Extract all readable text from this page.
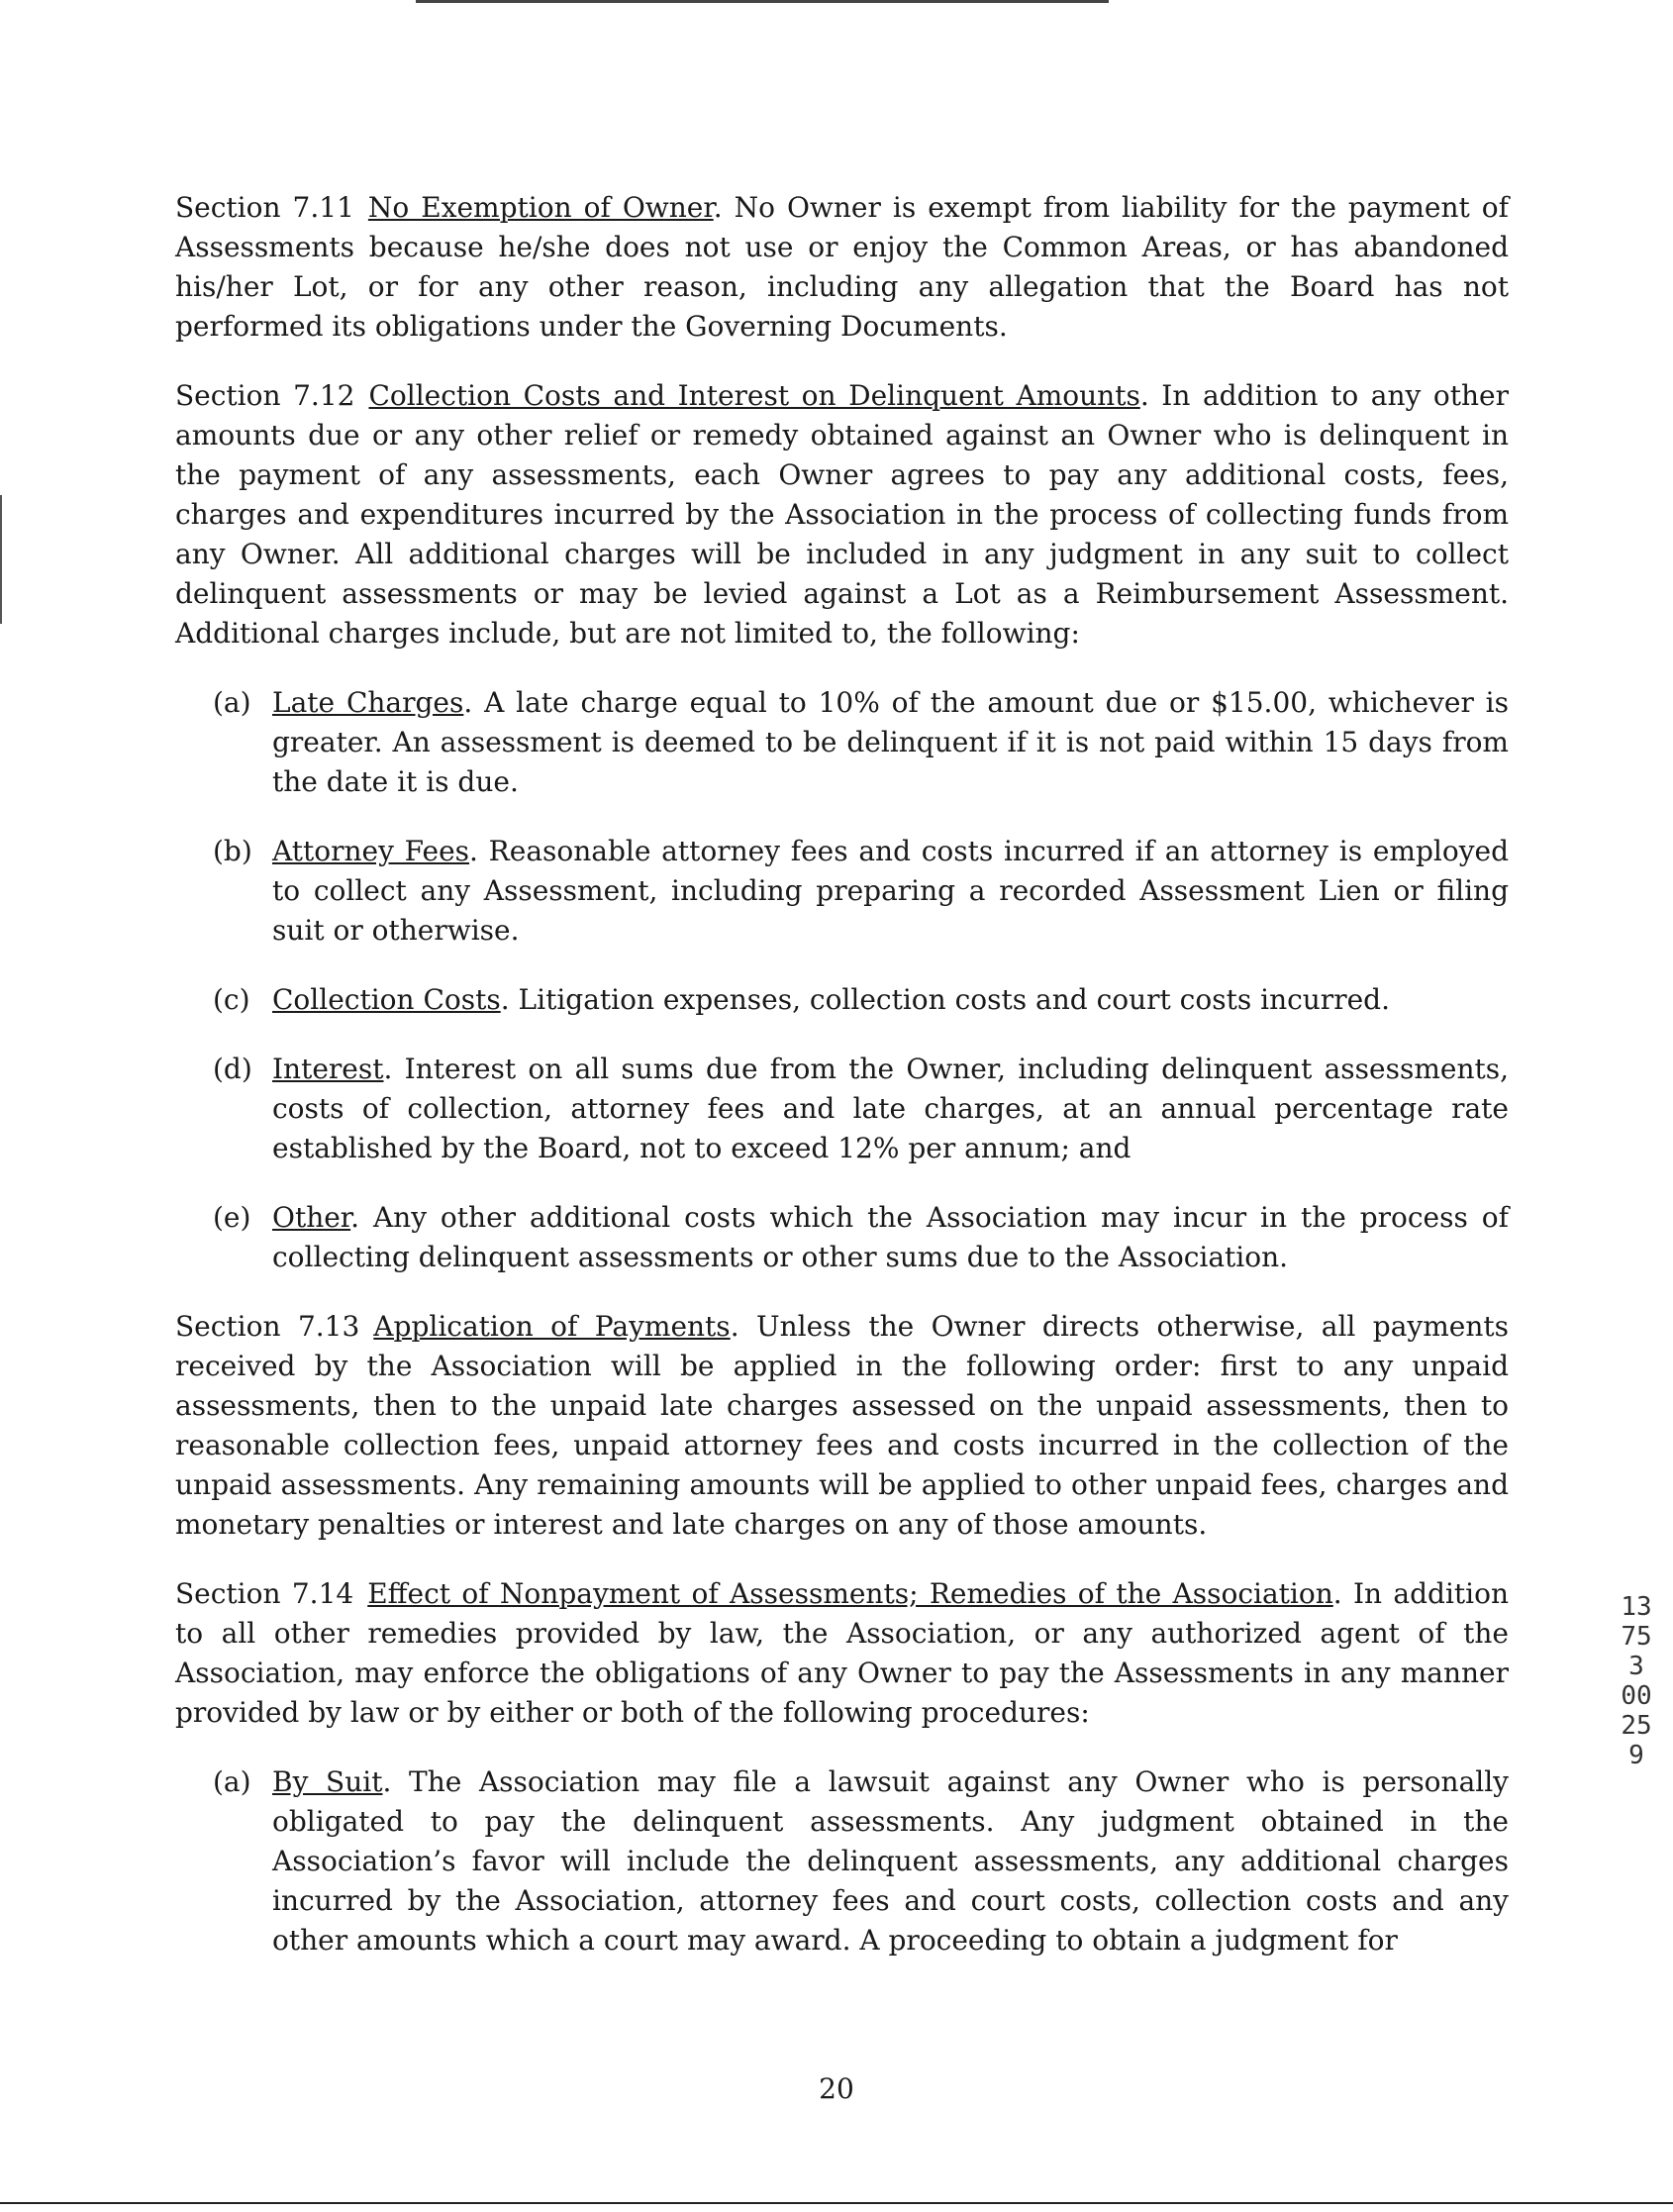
Section 7.11 No Exemption of Owner. No Owner is exempt from liability for the payment of Assessments because he/she does not use or enjoy the Common Areas, or has abandoned his/her Lot, or for any other reason, including any allegation that the Board has not performed its obligations under the Governing Documents.

Section 7.12 Collection Costs and Interest on Delinquent Amounts. In addition to any other amounts due or any other relief or remedy obtained against an Owner who is delinquent in the payment of any assessments, each Owner agrees to pay any additional costs, fees, charges and expenditures incurred by the Association in the process of collecting funds from any Owner. All additional charges will be included in any judgment in any suit to collect delinquent assessments or may be levied against a Lot as a Reimbursement Assessment. Additional charges include, but are not limited to, the following:

(a) Late Charges. A late charge equal to 10% of the amount due or $15.00, whichever is greater. An assessment is deemed to be delinquent if it is not paid within 15 days from the date it is due.
(b) Attorney Fees. Reasonable attorney fees and costs incurred if an attorney is employed to collect any Assessment, including preparing a recorded Assessment Lien or filing suit or otherwise.
(c) Collection Costs. Litigation expenses, collection costs and court costs incurred.
(d) Interest. Interest on all sums due from the Owner, including delinquent assessments, costs of collection, attorney fees and late charges, at an annual percentage rate established by the Board, not to exceed 12% per annum; and
(e) Other. Any other additional costs which the Association may incur in the process of collecting delinquent assessments or other sums due to the Association.

Section 7.13 Application of Payments. Unless the Owner directs otherwise, all payments received by the Association will be applied in the following order: first to any unpaid assessments, then to the unpaid late charges assessed on the unpaid assessments, then to reasonable collection fees, unpaid attorney fees and costs incurred in the collection of the unpaid assessments. Any remaining amounts will be applied to other unpaid fees, charges and monetary penalties or interest and late charges on any of those amounts.

Section 7.14 Effect of Nonpayment of Assessments; Remedies of the Association. In addition to all other remedies provided by law, the Association, or any authorized agent of the Association, may enforce the obligations of any Owner to pay the Assessments in any manner provided by law or by either or both of the following procedures:

(a) By Suit. The Association may file a lawsuit against any Owner who is personally obligated to pay the delinquent assessments. Any judgment obtained in the Association’s favor will include the delinquent assessments, any additional charges incurred by the Association, attorney fees and court costs, collection costs and any other amounts which a court may award. A proceeding to obtain a judgment for
13753 00259
20
